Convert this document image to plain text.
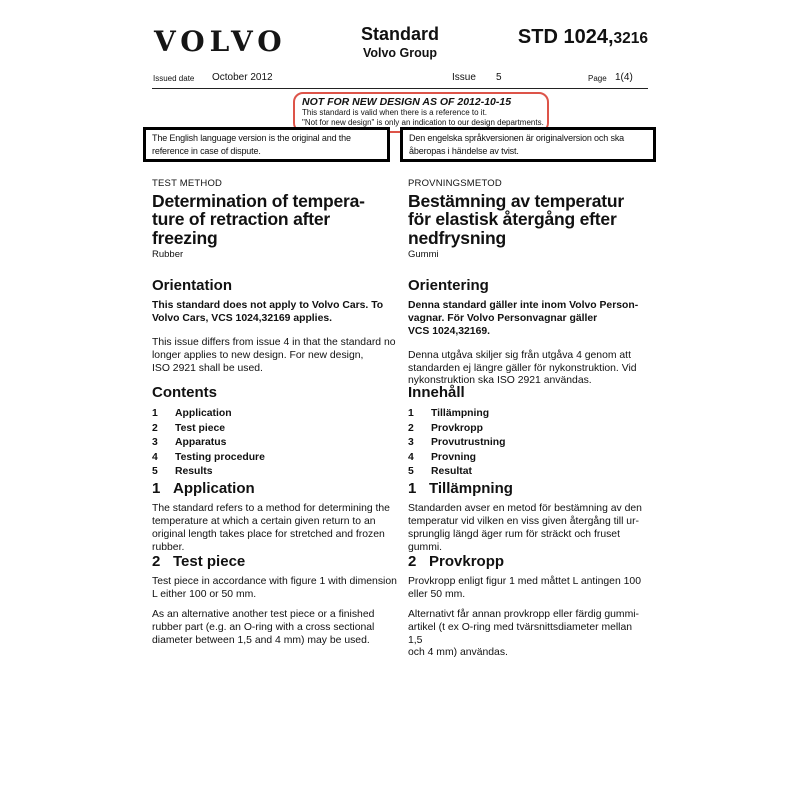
VOLVO	Standard
Volvo Group
STD 1024,3216
Issued date October 2012	Issue 5	Page 1(4)
NOT FOR NEW DESIGN AS OF 2012-10-15
This standard is valid when there is a reference to it.
"Not for new design" is only an indication to our design departments.
The English language version is the original and the
reference in case of dispute.
Den engelska språkversionen är originalversion och ska
åberopas i händelse av tvist.
TEST METHOD
Determination of tempera-
ture of retraction after
freezing
Rubber
Orientation

This standard does not apply to Volvo Cars. To
Volvo Cars, VCS 1024,32169 applies.

This issue differs from issue 4 in that the standard no
longer applies to new design. For new design,
ISO 2921 shall be used.

Contents
1	Application
2	Test piece
3	Apparatus
4	Testing procedure
5	Results
1 Application

The standard refers to a method for determining the
temperature at which a certain given return to an
original length takes place for stretched and frozen
rubber.

2 Test piece

Test piece in accordance with figure 1 with dimension
L either 100 or 50 mm.

As an alternative another test piece or a finished
rubber part (e.g. an O-ring with a cross sectional
diameter between 1,5 and 4 mm) may be used.

PROVNINGSMETOD
Bestämning av temperatur
för elastisk återgång efter
nedfrysning
Gummi
Orientering

Denna standard gäller inte inom Volvo Person-
vagnar. För Volvo Personvagnar gäller
VCS 1024,32169.

Denna utgåva skiljer sig från utgåva 4 genom att
standarden ej längre gäller för nykonstruktion. Vid
nykonstruktion ska ISO 2921 användas.

Innehåll
1	Tillämpning
2	Provkropp
3	Provutrustning
4	Provning
5	Resultat
1 Tillämpning

Standarden avser en metod för bestämning av den
temperatur vid vilken en viss given återgång till ur-
sprunglig längd äger rum för sträckt och fruset gummi.

2 Provkropp

Provkropp enligt figur 1 med måttet L antingen 100
eller 50 mm.

Alternativt får annan provkropp eller färdig gummi-
artikel (t ex O-ring med tvärsnittsdiameter mellan 1,5
och 4 mm) användas.
